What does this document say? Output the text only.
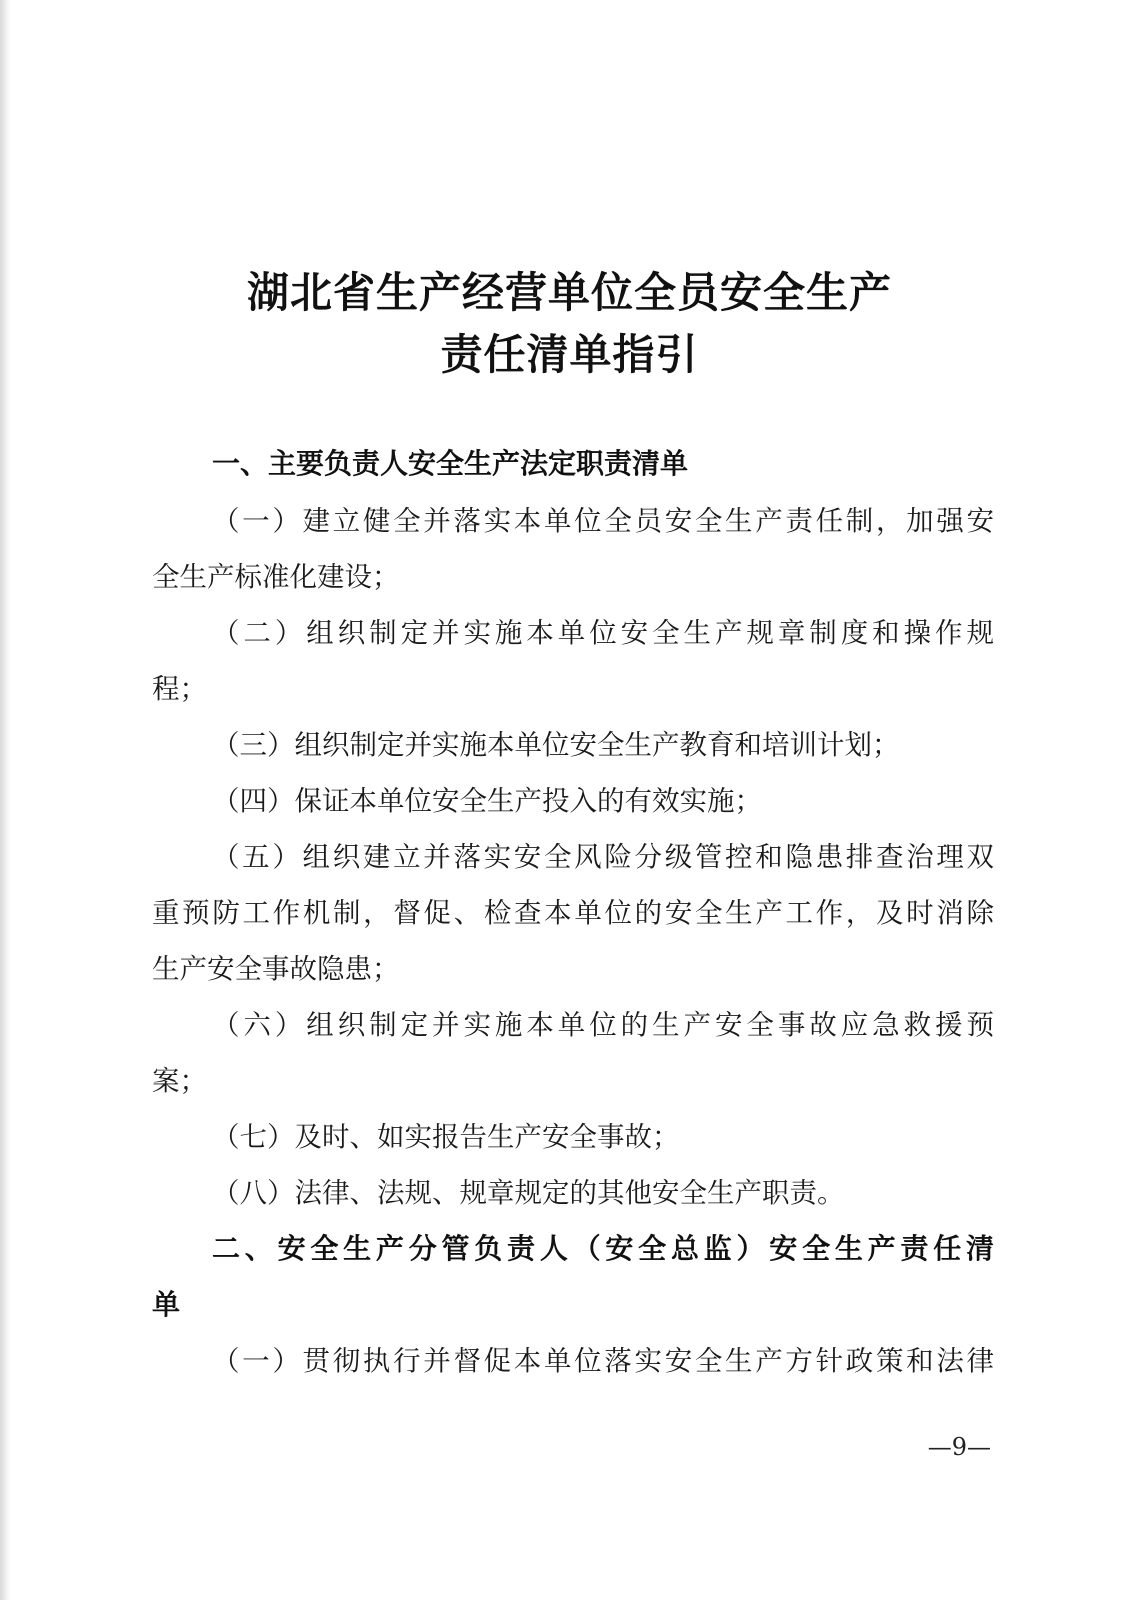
湖北省生产经营单位全员安全生产
责任清单指引

一、主要负责人安全生产法定职责清单

（一）建立健全并落实本单位全员安全生产责任制，加强安

全生产标准化建设；

（二）组织制定并实施本单位安全生产规章制度和操作规

程；

（三）组织制定并实施本单位安全生产教育和培训计划；

（四）保证本单位安全生产投入的有效实施；

（五）组织建立并落实安全风险分级管控和隐患排查治理双

重预防工作机制，督促、检查本单位的安全生产工作，及时消除

生产安全事故隐患；

（六）组织制定并实施本单位的生产安全事故应急救援预

案；

（七）及时、如实报告生产安全事故；

（八）法律、法规、规章规定的其他安全生产职责。

二、安全生产分管负责人（安全总监）安全生产责任清

单

（一）贯彻执行并督促本单位落实安全生产方针政策和法律

—9—
